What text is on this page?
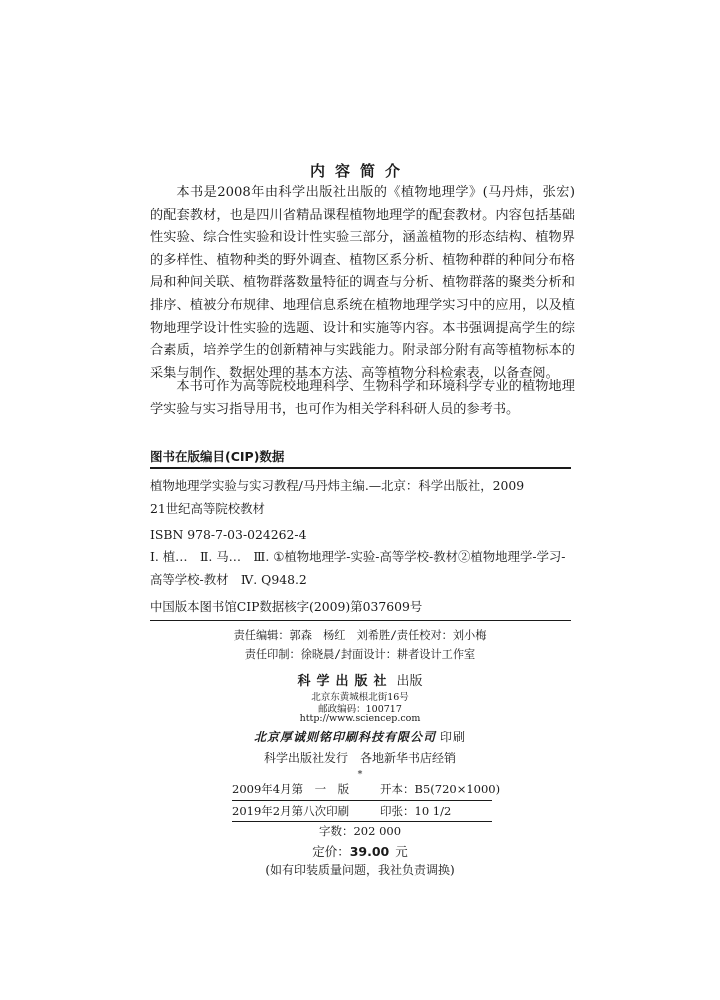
内容简介

本书是2008年由科学出版社出版的《植物地理学》(马丹炜，张宏)的配套教材，也是四川省精品课程植物地理学的配套教材。内容包括基础性实验、综合性实验和设计性实验三部分，涵盖植物的形态结构、植物界的多样性、植物种类的野外调查、植物区系分析、植物种群的种间分布格局和种间关联、植物群落数量特征的调查与分析、植物群落的聚类分析和排序、植被分布规律、地理信息系统在植物地理学实习中的应用，以及植物地理学设计性实验的选题、设计和实施等内容。本书强调提高学生的综合素质，培养学生的创新精神与实践能力。附录部分附有高等植物标本的采集与制作、数据处理的基本方法、高等植物分科检索表，以备查阅。

本书可作为高等院校地理科学、生物科学和环境科学专业的植物地理学实验与实习指导用书，也可作为相关学科科研人员的参考书。

图书在版编目(CIP)数据
植物地理学实验与实习教程/马丹炜主编.—北京：科学出版社，2009
21世纪高等院校教材
ISBN 978-7-03-024262-4

Ⅰ. 植…　Ⅱ. 马…　Ⅲ. ①植物地理学-实验-高等学校-教材②植物地理学-学习-高等学校-教材　Ⅳ. Q948.2

中国版本图书馆CIP数据核字(2009)第037609号
责任编辑：郭森　杨红　刘希胜/责任校对：刘小梅
责任印制：徐晓晨/封面设计：耕者设计工作室
科学出版社 出版
北京东黄城根北街16号
邮政编码：100717
http://www.sciencep.com
北京厚诚则铭印刷科技有限公司 印刷
科学出版社发行　各地新华书店经销
*
2009年4月第　一　版	开本：B5(720×1000)
2019年2月第八次印刷	印张：10 1/2
字数：202 000
定价：39.00 元
(如有印装质量问题，我社负责调换)
